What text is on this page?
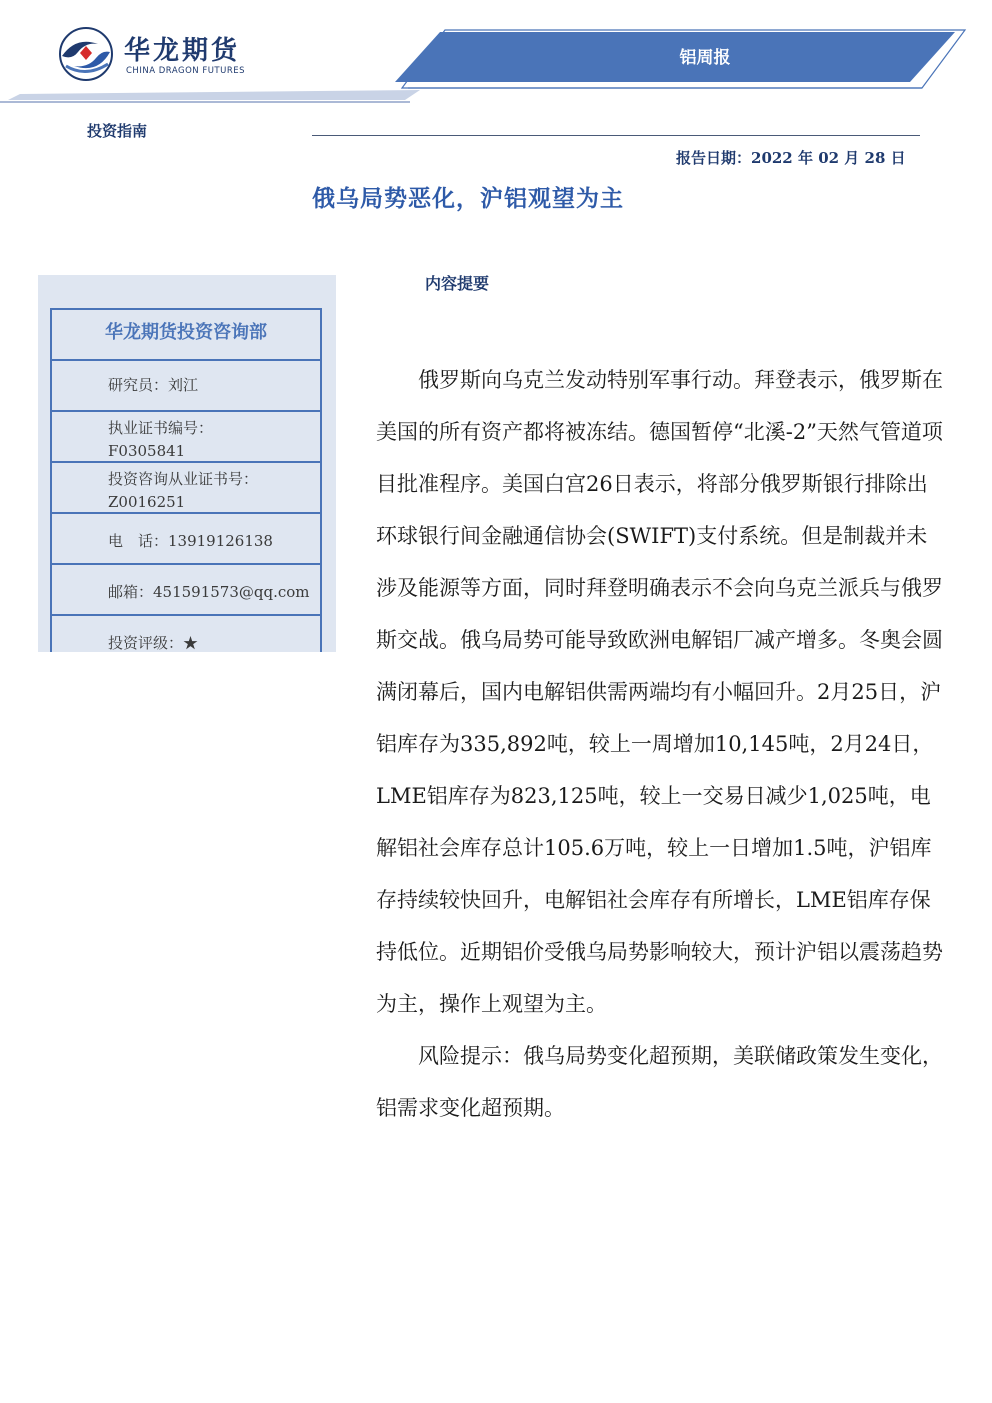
华龙期货
CHINA DRAGON FUTURES
铝周报
投资指南
报告日期：2022 年 02 月 28 日
俄乌局势恶化，沪铝观望为主
华龙期货投资咨询部
研究员：刘江
执业证书编号：
F0305841
投资咨询从业证书号：
Z0016251
电　话：13919126138
邮箱：451591573@qq.com
投资评级：★
内容提要

俄罗斯向乌克兰发动特别军事行动。拜登表示，俄罗斯在美国的所有资产都将被冻结。德国暂停“北溪-2”天然气管道项目批准程序。美国白宫26日表示，将部分俄罗斯银行排除出环球银行间金融通信协会(SWIFT)支付系统。但是制裁并未涉及能源等方面，同时拜登明确表示不会向乌克兰派兵与俄罗斯交战。俄乌局势可能导致欧洲电解铝厂减产增多。冬奥会圆满闭幕后，国内电解铝供需两端均有小幅回升。2月25日，沪铝库存为335,892吨，较上一周增加10,145吨，2月24日，LME铝库存为823,125吨，较上一交易日减少1,025吨，电解铝社会库存总计105.6万吨，较上一日增加1.5吨，沪铝库存持续较快回升，电解铝社会库存有所增长，LME铝库存保持低位。近期铝价受俄乌局势影响较大，预计沪铝以震荡趋势为主，操作上观望为主。

风险提示：俄乌局势变化超预期，美联储政策发生变化，铝需求变化超预期。
